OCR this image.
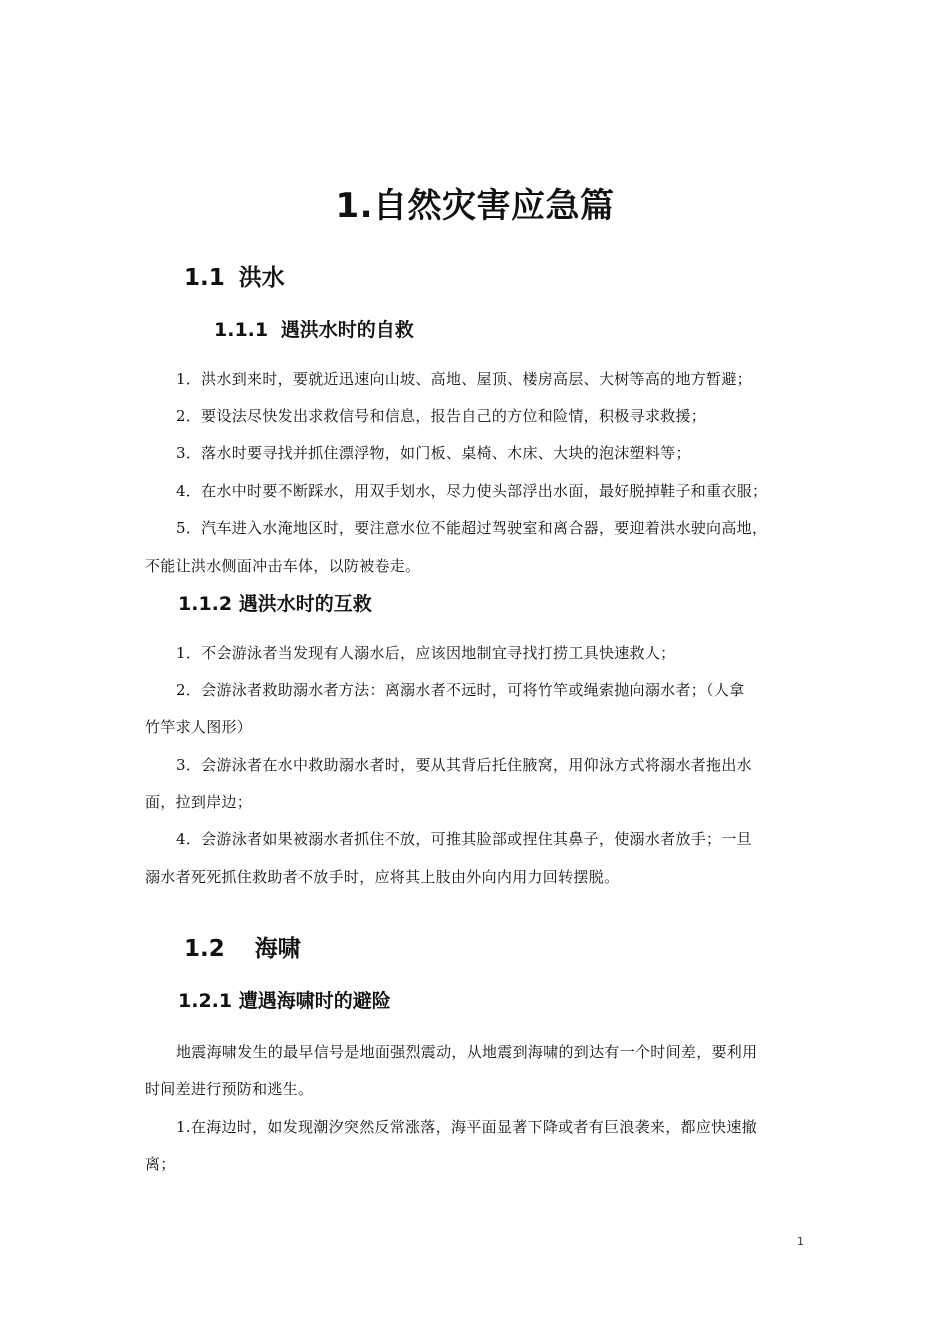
1.自然灾害应急篇
1.1 洪水
1.1.1 遇洪水时的自救
1．洪水到来时，要就近迅速向山坡、高地、屋顶、楼房高层、大树等高的地方暂避；
2．要设法尽快发出求救信号和信息，报告自己的方位和险情，积极寻求救援；
3．落水时要寻找并抓住漂浮物，如门板、桌椅、木床、大块的泡沫塑料等；
4．在水中时要不断踩水，用双手划水，尽力使头部浮出水面，最好脱掉鞋子和重衣服；
5．汽车进入水淹地区时，要注意水位不能超过驾驶室和离合器，要迎着洪水驶向高地，
不能让洪水侧面冲击车体，以防被卷走。
1.1.2 遇洪水时的互救
1．不会游泳者当发现有人溺水后，应该因地制宜寻找打捞工具快速救人；
2．会游泳者救助溺水者方法：离溺水者不远时，可将竹竿或绳索抛向溺水者；（人拿
竹竿求人图形）
3．会游泳者在水中救助溺水者时，要从其背后托住腋窝，用仰泳方式将溺水者拖出水
面，拉到岸边；
4．会游泳者如果被溺水者抓住不放，可推其脸部或捏住其鼻子，使溺水者放手；一旦
溺水者死死抓住救助者不放手时，应将其上肢由外向内用力回转摆脱。
1.2 海啸
1.2.1 遭遇海啸时的避险
地震海啸发生的最早信号是地面强烈震动，从地震到海啸的到达有一个时间差，要利用
时间差进行预防和逃生。
1.在海边时，如发现潮汐突然反常涨落，海平面显著下降或者有巨浪袭来，都应快速撤
离；
1
